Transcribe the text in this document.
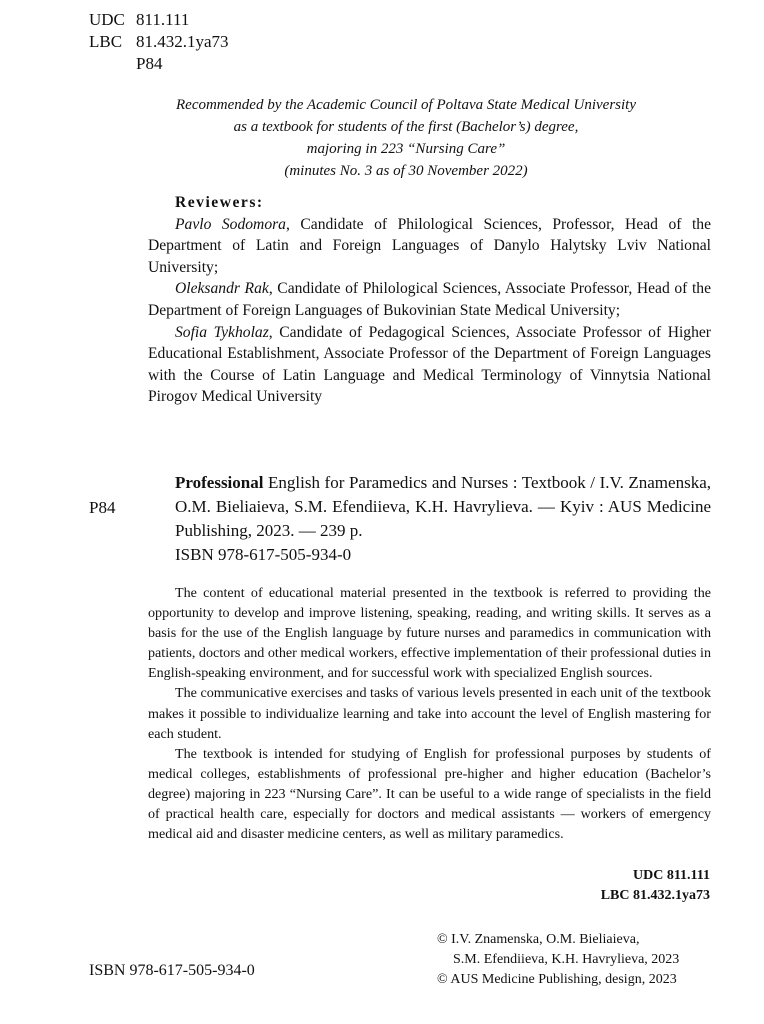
UDC 811.111
LBC 81.432.1ya73
P84
Recommended by the Academic Council of Poltava State Medical University
as a textbook for students of the first (Bachelor’s) degree,
majoring in 223 “Nursing Care”
(minutes No. 3 as of 30 November 2022)
Reviewers:

Pavlo Sodomora, Candidate of Philological Sciences, Professor, Head of the Department of Latin and Foreign Languages of Danylo Halytsky Lviv National University;

Oleksandr Rak, Candidate of Philological Sciences, Associate Professor, Head of the Department of Foreign Languages of Bukovinian State Medical University;

Sofia Tykholaz, Candidate of Pedagogical Sciences, Associate Professor of Higher Educational Establishment, Associate Professor of the Department of Foreign Languages with the Course of Latin Language and Medical Terminology of Vinnytsia National Pirogov Medical University

P84

Professional English for Paramedics and Nurses : Textbook / I.V. Znamenska, O.M. Bieliaieva, S.M. Efendiieva, K.H. Havrylieva. — Kyiv : AUS Medicine Publishing, 2023. — 239 p.

ISBN 978-617-505-934-0

The content of educational material presented in the textbook is referred to providing the opportunity to develop and improve listening, speaking, reading, and writing skills. It serves as a basis for the use of the English language by future nurses and paramedics in communication with patients, doctors and other medical workers, effective implementation of their professional duties in English-speaking environment, and for successful work with specialized English sources.

The communicative exercises and tasks of various levels presented in each unit of the textbook makes it possible to individualize learning and take into account the level of English mastering for each student.

The textbook is intended for studying of English for professional purposes by students of medical colleges, establishments of professional pre-higher and higher education (Bachelor’s degree) majoring in 223 “Nursing Care”. It can be useful to a wide range of specialists in the field of practical health care, especially for doctors and medical assistants — workers of emergency medical aid and disaster medicine centers, as well as military paramedics.

UDC 811.111
LBC 81.432.1ya73
© I.V. Znamenska, O.M. Bieliaieva,
S.M. Efendiieva, K.H. Havrylieva, 2023
© AUS Medicine Publishing, design, 2023
ISBN 978-617-505-934-0
